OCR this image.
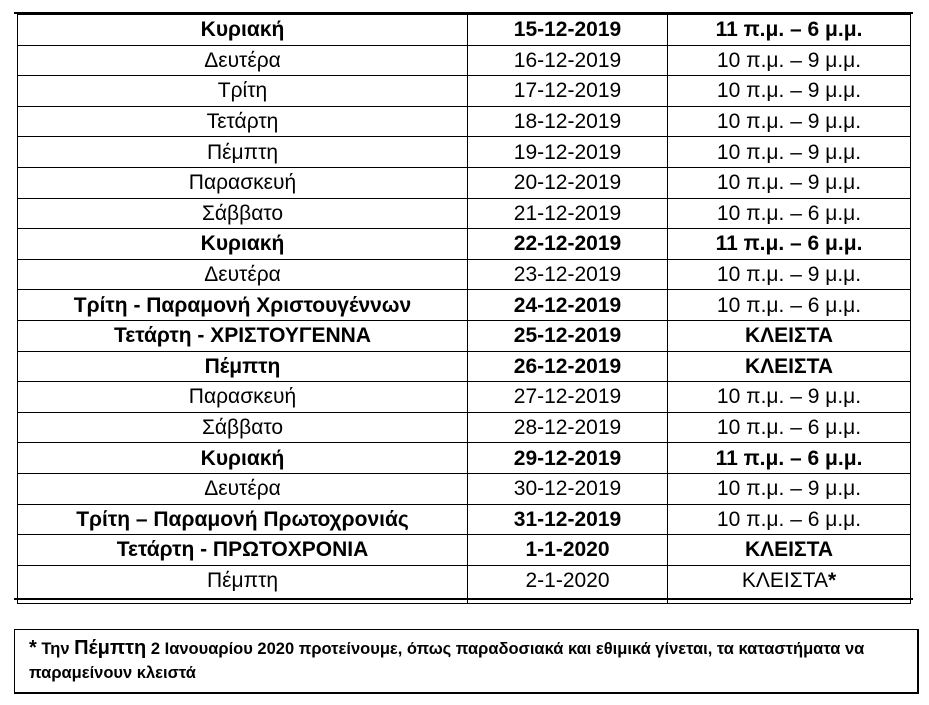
Κυριακή	15-12-2019	11 π.μ. – 6 μ.μ.
Δευτέρα	16-12-2019	10 π.μ. – 9 μ.μ.
Τρίτη	17-12-2019	10 π.μ. – 9 μ.μ.
Τετάρτη	18-12-2019	10 π.μ. – 9 μ.μ.
Πέμπτη	19-12-2019	10 π.μ. – 9 μ.μ.
Παρασκευή	20-12-2019	10 π.μ. – 9 μ.μ.
Σάββατο	21-12-2019	10 π.μ. – 6 μ.μ.
Κυριακή	22-12-2019	11 π.μ. – 6 μ.μ.
Δευτέρα	23-12-2019	10 π.μ. – 9 μ.μ.
Τρίτη - Παραμονή Χριστουγέννων	24-12-2019	10 π.μ. – 6 μ.μ.
Τετάρτη - ΧΡΙΣΤΟΥΓΕΝΝΑ	25-12-2019	ΚΛΕΙΣΤΑ
Πέμπτη	26-12-2019	ΚΛΕΙΣΤΑ
Παρασκευή	27-12-2019	10 π.μ. – 9 μ.μ.
Σάββατο	28-12-2019	10 π.μ. – 6 μ.μ.
Κυριακή	29-12-2019	11 π.μ. – 6 μ.μ.
Δευτέρα	30-12-2019	10 π.μ. – 9 μ.μ.
Τρίτη – Παραμονή Πρωτοχρονιάς	31-12-2019	10 π.μ. – 6 μ.μ.
Τετάρτη - ΠΡΩΤΟΧΡΟΝΙΑ	1-1-2020	ΚΛΕΙΣΤΑ
Πέμπτη	2-1-2020	ΚΛΕΙΣΤΑ*
* Την Πέμπτη 2 Ιανουαρίου 2020 προτείνουμε, όπως παραδοσιακά και εθιμικά γίνεται, τα καταστήματα να παραμείνουν κλειστά
